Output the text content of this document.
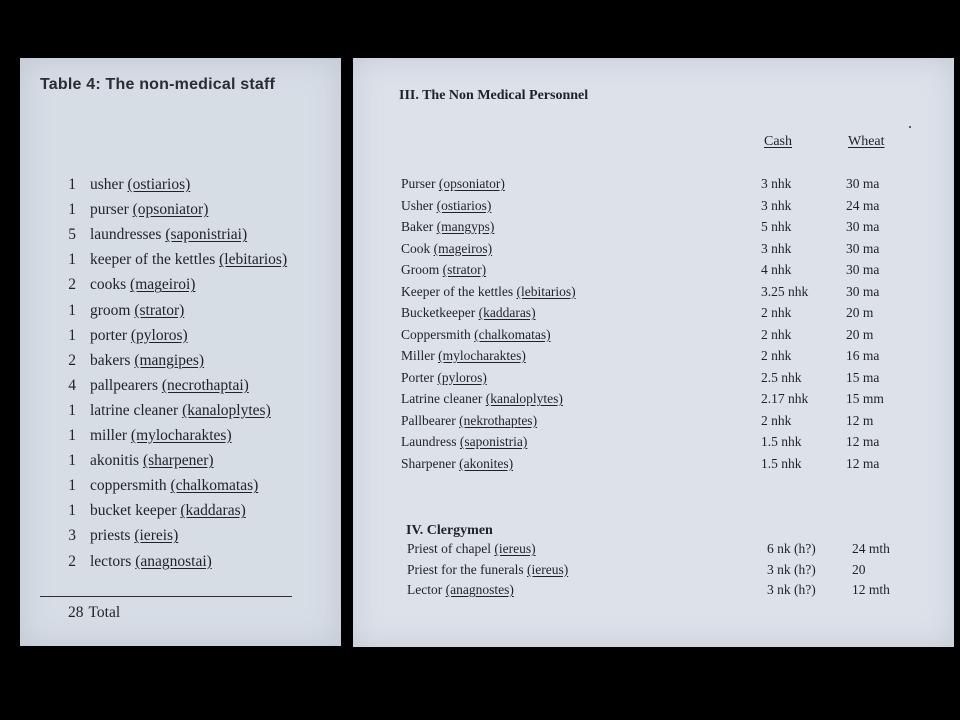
Table 4: The non-medical staff

1 usher (ostiarios)
1 purser (opsoniator)
5 laundresses (saponistriai)
1 keeper of the kettles (lebitarios)
2 cooks (mageiroi)
1 groom (strator)
1 porter (pyloros)
2 bakers (mangipes)
4 pallpearers (necrothaptai)
1 latrine cleaner (kanaloplytes)
1 miller (mylocharaktes)
1 akonitis (sharpener)
1 coppersmith (chalkomatas)
1 bucket keeper (kaddaras)
3 priests (iereis)
2 lectors (anagnostai)
28 Total
III. The Non Medical Personnel
Cash	Wheat
Purser (opsoniator)	3 nhk	30 ma
Usher (ostiarios)	3 nhk	24 ma
Baker (mangyps)	5 nhk	30 ma
Cook (mageiros)	3 nhk	30 ma
Groom (strator)	4 nhk	30 ma
Keeper of the kettles (lebitarios)	3.25 nhk	30 ma
Bucketkeeper (kaddaras)	2 nhk	20 m
Coppersmith (chalkomatas)	2 nhk	20 m
Miller (mylocharaktes)	2 nhk	16 ma
Porter (pyloros)	2.5 nhk	15 ma
Latrine cleaner (kanaloplytes)	2.17 nhk	15 mm
Pallbearer (nekrothaptes)	2 nhk	12 m
Laundress (saponistria)	1.5 nhk	12 ma
Sharpener (akonites)	1.5 nhk	12 ma
IV. Clergymen
Priest of chapel (iereus)	6 nk (h?)	24 mth
Priest for the funerals (iereus)	3 nk (h?)	20
Lector (anagnostes)	3 nk (h?)	12 mth
